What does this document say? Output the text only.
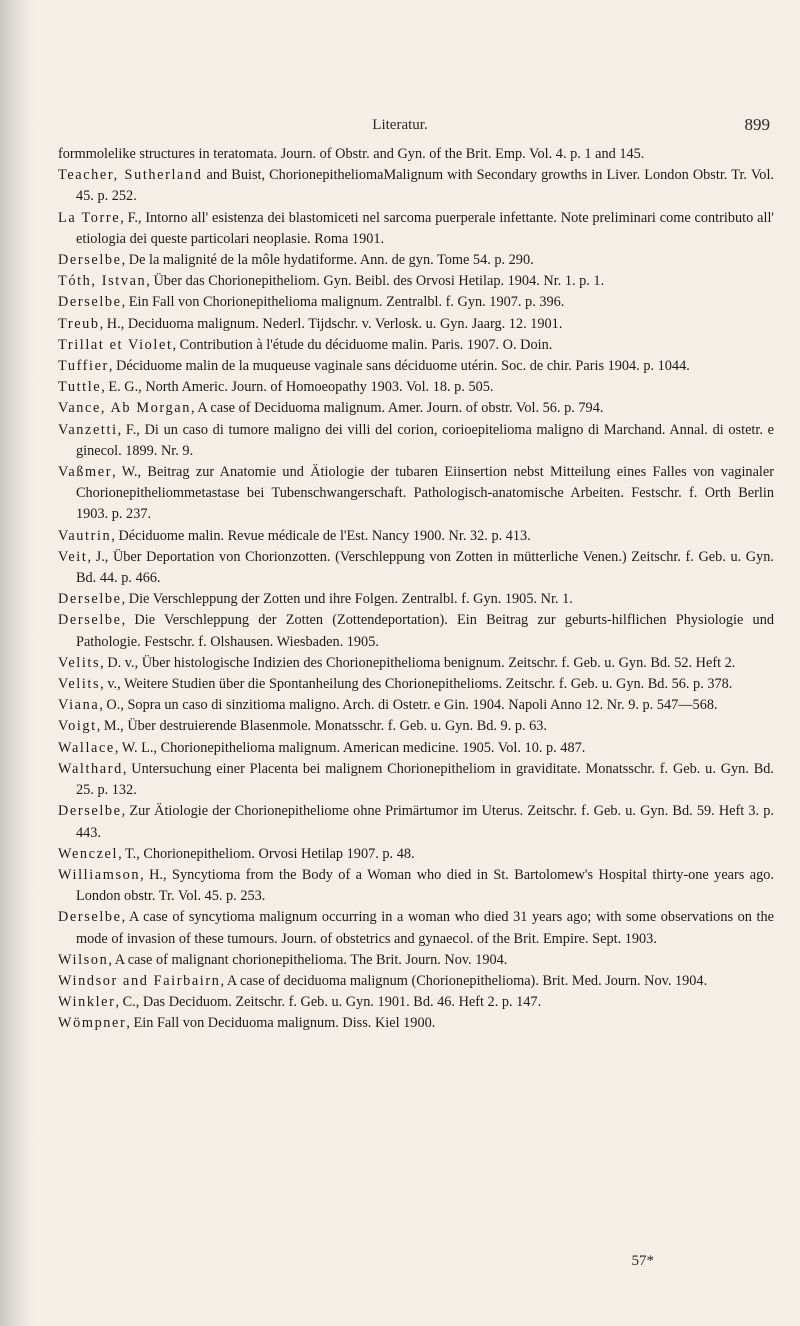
Literatur.	899

formmolelike structures in teratomata. Journ. of Obstr. and Gyn. of the Brit. Emp. Vol. 4. p. 1 and 145.

Teacher, Sutherland and Buist, ChorionepitheliomaMalignum with Secondary growths in Liver. London Obstr. Tr. Vol. 45. p. 252.

La Torre, F., Intorno all' esistenza dei blastomiceti nel sarcoma puerperale infettante. Note preliminari come contributo all' etiologia dei queste particolari neoplasie. Roma 1901.

Derselbe, De la malignité de la môle hydatiforme. Ann. de gyn. Tome 54. p. 290.

Tóth, Istvan, Über das Chorionepitheliom. Gyn. Beibl. des Orvosi Hetilap. 1904. Nr. 1. p. 1.

Derselbe, Ein Fall von Chorionepithelioma malignum. Zentralbl. f. Gyn. 1907. p. 396.

Treub, H., Deciduoma malignum. Nederl. Tijdschr. v. Verlosk. u. Gyn. Jaarg. 12. 1901.

Trillat et Violet, Contribution à l'étude du déciduome malin. Paris. 1907. O. Doin.

Tuffier, Déciduome malin de la muqueuse vaginale sans déciduome utérin. Soc. de chir. Paris 1904. p. 1044.

Tuttle, E. G., North Americ. Journ. of Homoeopathy 1903. Vol. 18. p. 505.

Vance, Ab Morgan, A case of Deciduoma malignum. Amer. Journ. of obstr. Vol. 56. p. 794.

Vanzetti, F., Di un caso di tumore maligno dei villi del corion, corioepitelioma maligno di Marchand. Annal. di ostetr. e ginecol. 1899. Nr. 9.

Vaßmer, W., Beitrag zur Anatomie und Ätiologie der tubaren Eiinsertion nebst Mitteilung eines Falles von vaginaler Chorionepitheliommetastase bei Tubenschwangerschaft. Pathologisch-anatomische Arbeiten. Festschr. f. Orth Berlin 1903. p. 237.

Vautrin, Déciduome malin. Revue médicale de l'Est. Nancy 1900. Nr. 32. p. 413.

Veit, J., Über Deportation von Chorionzotten. (Verschleppung von Zotten in mütterliche Venen.) Zeitschr. f. Geb. u. Gyn. Bd. 44. p. 466.

Derselbe, Die Verschleppung der Zotten und ihre Folgen. Zentralbl. f. Gyn. 1905. Nr. 1.

Derselbe, Die Verschleppung der Zotten (Zottendeportation). Ein Beitrag zur geburts-hilflichen Physiologie und Pathologie. Festschr. f. Olshausen. Wiesbaden. 1905.

Velits, D. v., Über histologische Indizien des Chorionepithelioma benignum. Zeitschr. f. Geb. u. Gyn. Bd. 52. Heft 2.

Velits, v., Weitere Studien über die Spontanheilung des Chorionepithelioms. Zeitschr. f. Geb. u. Gyn. Bd. 56. p. 378.

Viana, O., Sopra un caso di sinzitioma maligno. Arch. di Ostetr. e Gin. 1904. Napoli Anno 12. Nr. 9. p. 547—568.

Voigt, M., Über destruierende Blasenmole. Monatsschr. f. Geb. u. Gyn. Bd. 9. p. 63.

Wallace, W. L., Chorionepithelioma malignum. American medicine. 1905. Vol. 10. p. 487.

Walthard, Untersuchung einer Placenta bei malignem Chorionepitheliom in graviditate. Monatsschr. f. Geb. u. Gyn. Bd. 25. p. 132.

Derselbe, Zur Ätiologie der Chorionepitheliome ohne Primärtumor im Uterus. Zeitschr. f. Geb. u. Gyn. Bd. 59. Heft 3. p. 443.

Wenczel, T., Chorionepitheliom. Orvosi Hetilap 1907. p. 48.

Williamson, H., Syncytioma from the Body of a Woman who died in St. Bartolomew's Hospital thirty-one years ago. London obstr. Tr. Vol. 45. p. 253.

Derselbe, A case of syncytioma malignum occurring in a woman who died 31 years ago; with some observations on the mode of invasion of these tumours. Journ. of obstetrics and gynaecol. of the Brit. Empire. Sept. 1903.

Wilson, A case of malignant chorionepithelioma. The Brit. Journ. Nov. 1904.

Windsor and Fairbairn, A case of deciduoma malignum (Chorionepithelioma). Brit. Med. Journ. Nov. 1904.

Winkler, C., Das Deciduom. Zeitschr. f. Geb. u. Gyn. 1901. Bd. 46. Heft 2. p. 147.

Wömpner, Ein Fall von Deciduoma malignum. Diss. Kiel 1900.

57*
